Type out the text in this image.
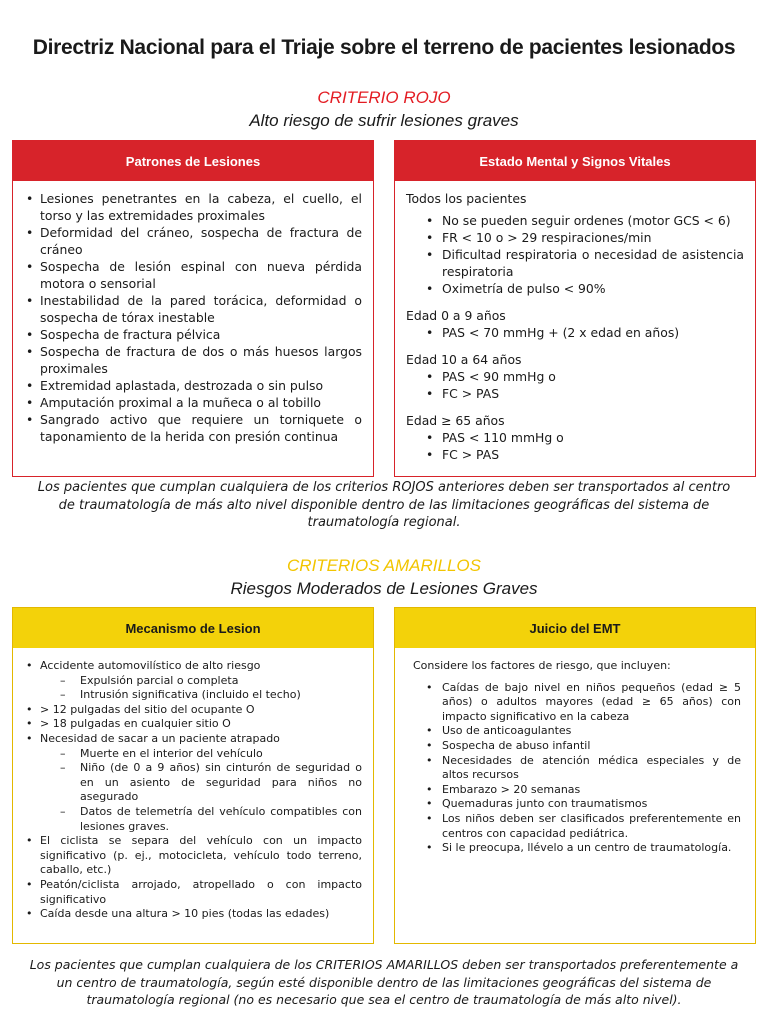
Directriz Nacional para el Triaje sobre el terreno de pacientes lesionados
CRITERIO ROJO
Alto riesgo de sufrir lesiones graves
Patrones de Lesiones
• Lesiones penetrantes en la cabeza, el cuello, el torso y las extremidades proximales
• Deformidad del cráneo, sospecha de fractura de cráneo
• Sospecha de lesión espinal con nueva pérdida motora o sensorial
• Inestabilidad de la pared torácica, deformidad o sospecha de tórax inestable
• Sospecha de fractura pélvica
• Sospecha de fractura de dos o más huesos largos proximales
• Extremidad aplastada, destrozada o sin pulso
• Amputación proximal a la muñeca o al tobillo
• Sangrado activo que requiere un torniquete o taponamiento de la herida con presión continua
Estado Mental y Signos Vitales
Todos los pacientes
• No se pueden seguir ordenes (motor GCS < 6)
• FR < 10 o > 29 respiraciones/min
• Dificultad respiratoria o necesidad de asistencia respiratoria
• Oximetría de pulso < 90%
Edad 0 a 9 años
• PAS < 70 mmHg + (2 x edad en años)
Edad 10 a 64 años
• PAS < 90 mmHg o
• FC > PAS
Edad ≥ 65 años
• PAS < 110 mmHg o
• FC > PAS

Los pacientes que cumplan cualquiera de los criterios ROJOS anteriores deben ser transportados al centro de traumatología de más alto nivel disponible dentro de las limitaciones geográficas del sistema de traumatología regional.

CRITERIOS AMARILLOS
Riesgos Moderados de Lesiones Graves
Mecanismo de Lesion
• Accidente automovilístico de alto riesgo
– Expulsión parcial o completa
– Intrusión significativa (incluido el techo)
• > 12 pulgadas del sitio del ocupante O
• > 18 pulgadas en cualquier sitio O
• Necesidad de sacar a un paciente atrapado
– Muerte en el interior del vehículo
– Niño (de 0 a 9 años) sin cinturón de seguridad o en un asiento de seguridad para niños no asegurado
– Datos de telemetría del vehículo compatibles con lesiones graves.
• El ciclista se separa del vehículo con un impacto significativo (p. ej., motocicleta, vehículo todo terreno, caballo, etc.)
• Peatón/ciclista arrojado, atropellado o con impacto significativo
• Caída desde una altura > 10 pies (todas las edades)
Juicio del EMT
Considere los factores de riesgo, que incluyen:
• Caídas de bajo nivel en niños pequeños (edad ≥ 5 años) o adultos mayores (edad ≥ 65 años) con impacto significativo en la cabeza
• Uso de anticoagulantes
• Sospecha de abuso infantil
• Necesidades de atención médica especiales y de altos recursos
• Embarazo > 20 semanas
• Quemaduras junto con traumatismos
• Los niños deben ser clasificados preferentemente en centros con capacidad pediátrica.
• Si le preocupa, llévelo a un centro de traumatología.

Los pacientes que cumplan cualquiera de los CRITERIOS AMARILLOS deben ser transportados preferentemente a un centro de traumatología, según esté disponible dentro de las limitaciones geográficas del sistema de traumatología regional (no es necesario que sea el centro de traumatología de más alto nivel).
